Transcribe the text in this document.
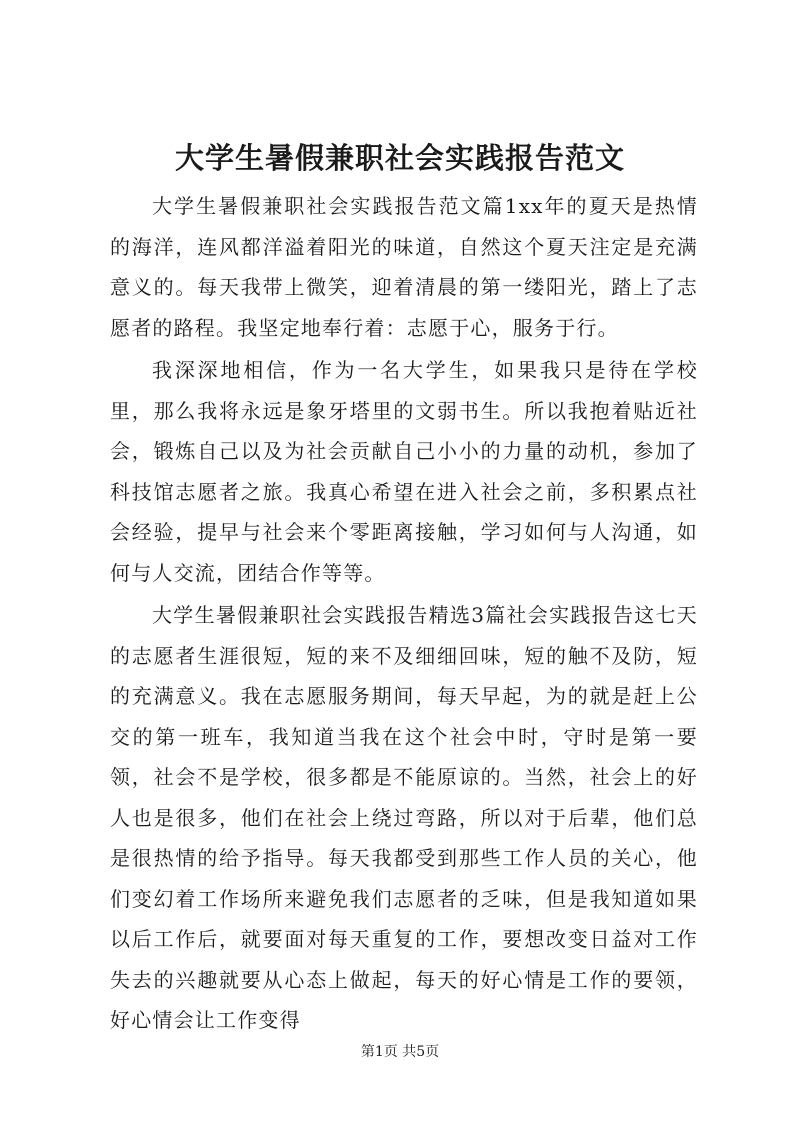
大学生暑假兼职社会实践报告范文

大学生暑假兼职社会实践报告范文篇1xx年的夏天是热情的海洋，连风都洋溢着阳光的味道，自然这个夏天注定是充满意义的。每天我带上微笑，迎着清晨的第一缕阳光，踏上了志愿者的路程。我坚定地奉行着：志愿于心，服务于行。

我深深地相信，作为一名大学生，如果我只是待在学校里，那么我将永远是象牙塔里的文弱书生。所以我抱着贴近社会，锻炼自己以及为社会贡献自己小小的力量的动机，参加了科技馆志愿者之旅。我真心希望在进入社会之前，多积累点社会经验，提早与社会来个零距离接触，学习如何与人沟通，如何与人交流，团结合作等等。

大学生暑假兼职社会实践报告精选3篇社会实践报告这七天的志愿者生涯很短，短的来不及细细回味，短的触不及防，短的充满意义。我在志愿服务期间，每天早起，为的就是赶上公交的第一班车，我知道当我在这个社会中时，守时是第一要领，社会不是学校，很多都是不能原谅的。当然，社会上的好人也是很多，他们在社会上绕过弯路，所以对于后辈，他们总是很热情的给予指导。每天我都受到那些工作人员的关心，他们变幻着工作场所来避免我们志愿者的乏味，但是我知道如果以后工作后，就要面对每天重复的工作，要想改变日益对工作失去的兴趣就要从心态上做起，每天的好心情是工作的要领，好心情会让工作变得

第1页 共5页
